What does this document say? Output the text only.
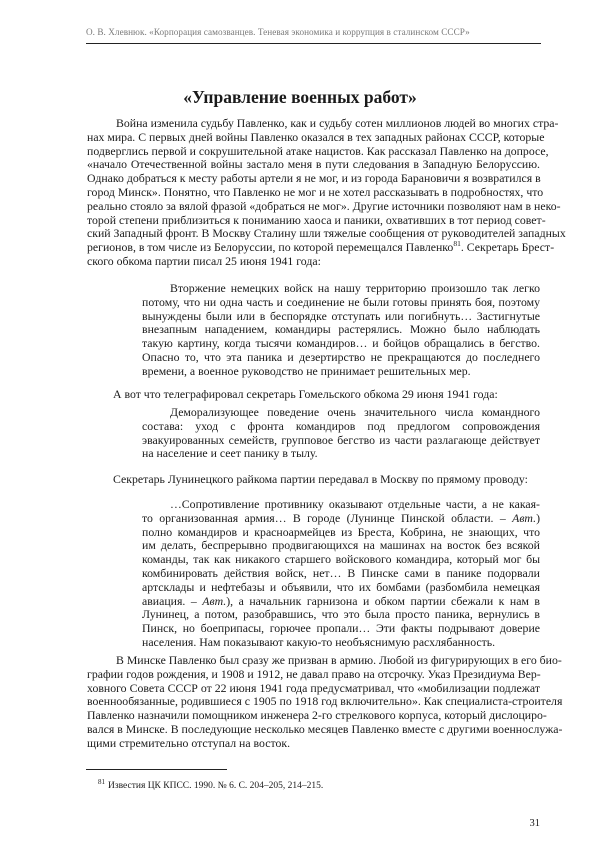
О. В. Хлевнюк. «Корпорация самозванцев. Теневая экономика и коррупция в сталинском СССР»
«Управление военных работ»
Война изменила судьбу Павленко, как и судьбу сотен миллионов людей во многих стра-
нах мира. С первых дней войны Павленко оказался в тех западных районах СССР, которые
подверглись первой и сокрушительной атаке нацистов. Как рассказал Павленко на допросе,
«начало Отечественной войны застало меня в пути следования в Западную Белоруссию.
Однако добраться к месту работы артели я не мог, и из города Барановичи я возвратился в
город Минск». Понятно, что Павленко не мог и не хотел рассказывать в подробностях, что
реально стояло за вялой фразой «добраться не мог». Другие источники позволяют нам в неко-
торой степени приблизиться к пониманию хаоса и паники, охвативших в тот период совет-
ский Западный фронт. В Москву Сталину шли тяжелые сообщения от руководителей западных
регионов, в том числе из Белоруссии, по которой перемещался Павленко$^{81}$. Секретарь Брест-
ского обкома партии писал 25 июня 1941 года:
Вторжение немецких войск на нашу территорию произошло так легко
потому, что ни одна часть и соединение не были готовы принять боя, поэтому
вынуждены были или в беспорядке отступать или погибнуть… Застигнутые
внезапным нападением, командиры растерялись. Можно было наблюдать
такую картину, когда тысячи командиров… и бойцов обращались в бегство.
Опасно то, что эта паника и дезертирство не прекращаются до последнего
времени, а военное руководство не принимает решительных мер.
А вот что телеграфировал секретарь Гомельского обкома 29 июня 1941 года:
Деморализующее поведение очень значительного числа командного
состава: уход с фронта командиров под предлогом сопровождения
эвакуированных семейств, групповое бегство из части разлагающе действует
на население и сеет панику в тылу.
Секретарь Лунинецкого райкома партии передавал в Москву по прямому проводу:
…Сопротивление противнику оказывают отдельные части, а не какая-
то организованная армия… В городе (Лунинце Пинской области. – Авт.)
полно командиров и красноармейцев из Бреста, Кобрина, не знающих, что
им делать, беспрерывно продвигающихся на машинах на восток без всякой
команды, так как никакого старшего войскового командира, который мог бы
комбинировать действия войск, нет… В Пинске сами в панике подорвали
артсклады и нефтебазы и объявили, что их бомбами (разбомбила немецкая
авиация. – Авт.), а начальник гарнизона и обком партии сбежали к нам в
Лунинец, а потом, разобравшись, что это была просто паника, вернулись в
Пинск, но боеприпасы, горючее пропали… Эти факты подрывают доверие
населения. Нам показывают какую-то необъяснимую расхлябанность.
В Минске Павленко был сразу же призван в армию. Любой из фигурирующих в его био-
графии годов рождения, и 1908 и 1912, не давал право на отсрочку. Указ Президиума Вер-
ховного Совета СССР от 22 июня 1941 года предусматривал, что «мобилизации подлежат
военнообязанные, родившиеся с 1905 по 1918 год включительно». Как специалиста-строителя
Павленко назначили помощником инженера 2-го стрелкового корпуса, который дислоциро-
вался в Минске. В последующие несколько месяцев Павленко вместе с другими военнослужа-
щими стремительно отступал на восток.
$^{81}$ Известия ЦК КПСС. 1990. № 6. С. 204–205, 214–215.
31
